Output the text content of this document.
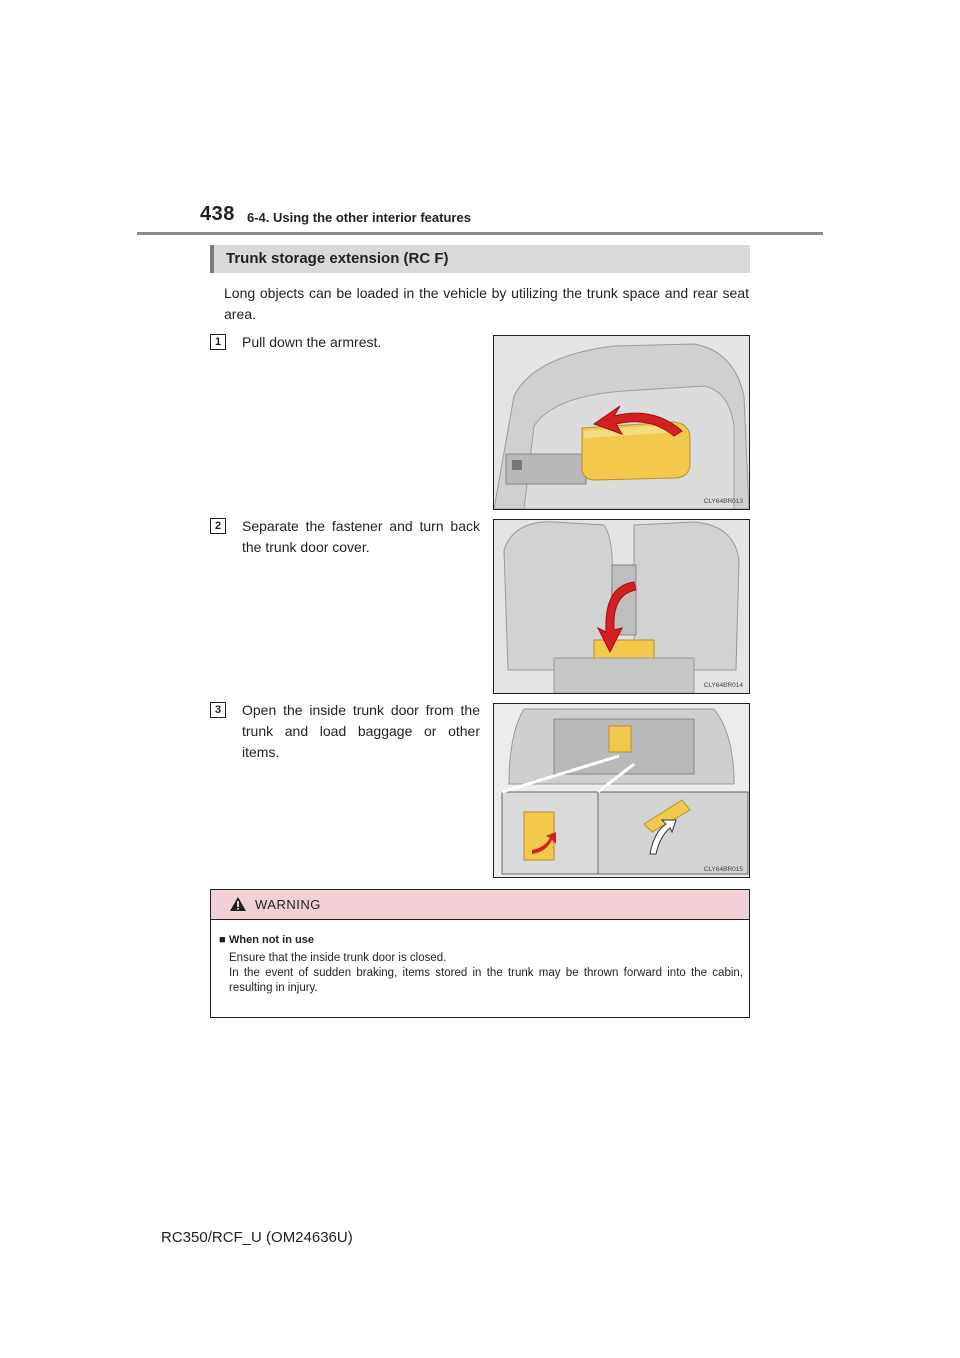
438 6-4. Using the other interior features
Trunk storage extension (RC F)
Long objects can be loaded in the vehicle by utilizing the trunk space and rear seat area.
1	Pull down the armrest.
CLY64BR013
2	Separate the fastener and turn back the trunk door cover.
CLY64BR014
3	Open the inside trunk door from the trunk and load baggage or other items.
CLY64BR015
WARNING
■ When not in use
Ensure that the inside trunk door is closed.
In the event of sudden braking, items stored in the trunk may be thrown forward into the cabin, resulting in injury.
RC350/RCF_U (OM24636U)
